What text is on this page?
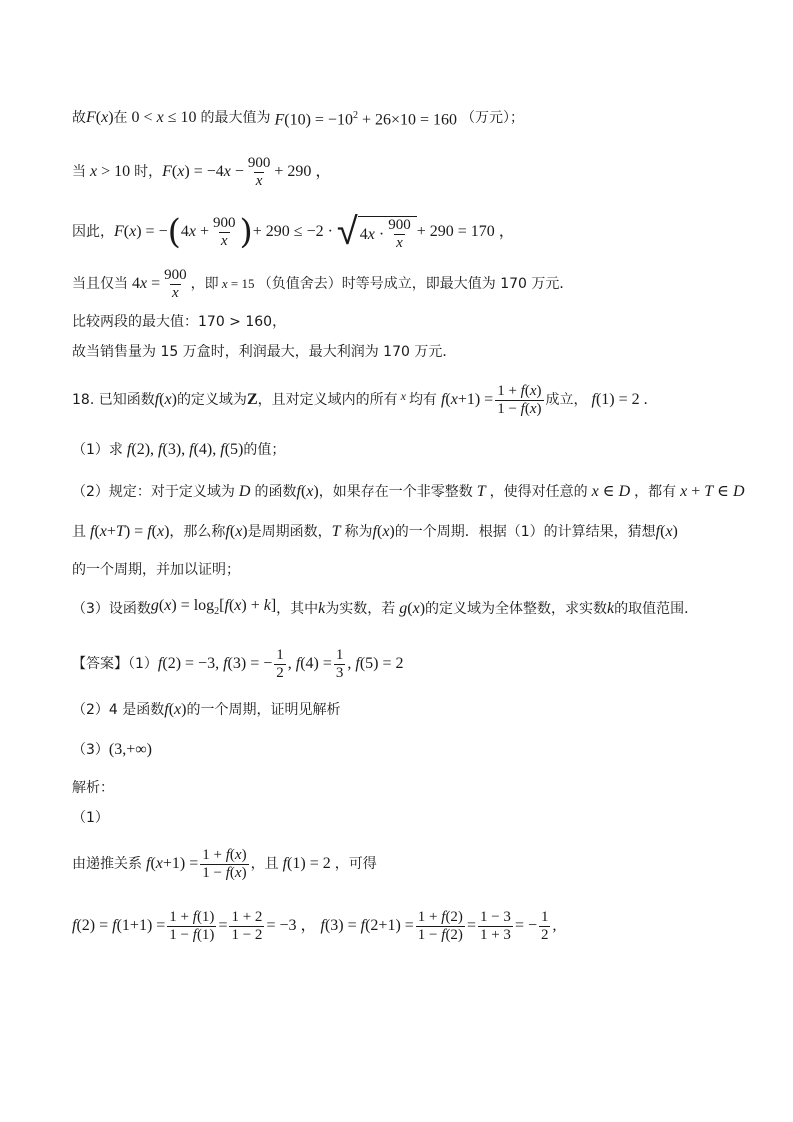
故 F(x) 在 0 < x ≤ 10 的最大值为 $F(10) = -10^2 + 26\times 10 = 160$ （万元）；
当 x > 10 时， $F(x) = -4x - \frac{900}{x} + 290$ ，
因此， F(x) = − ( $4x + \frac{900}{x}$ ) + 290 ≤ −2 · √ $4x \cdot \frac{900}{x} + 290 = 170$ ，
当且仅当 $4x = \frac{900}{x}$ ，即 x = 15 （负值舍去）时等号成立，即最大值为 170 万元．
比较两段的最大值：170 > 160，
故当销售量为 15 万盒时，利润最大，最大利润为 170 万元．
18. 已知函数 f(x) 的定义域为 Z ，且对定义域内的所有 x 均有 $f(x+1) = \frac{1 + f(x)}{1 - f(x)}$ 成立， f(1) = 2 .
（1）求 f(2), f(3), f(4), f(5) 的值；
（2）规定：对于定义域为 D 的函数 f(x) ，如果存在一个非零整数 T ，使得对任意的 x ∈ D ，都有 x + T ∈ D
且 f(x+T) = f(x) ，那么称 f(x) 是周期函数， T 称为 f(x) 的一个周期．根据（1）的计算结果，猜想 f(x)
的一个周期，并加以证明；
（3）设函数 $g(x) = \log_2[f(x) + k]$ ，其中 k 为实数，若 g(x) 的定义域为全体整数，求实数 k 的取值范围．
【答案】（1） f(2) = −3, f(3) = − $\frac{1}{2}$ , $f(4) = \frac{1}{3}$ , f(5) = 2
（2）4 是函数 f(x) 的一个周期，证明见解析
（3） (3,+∞)
解析：
（1）
由递推关系 $f(x+1) = \frac{1 + f(x)}{1 - f(x)}$ ，且 f(1) = 2 ，可得
$f(2) = f(1+1) = \frac{1 + f(1)}{1 - f(1)} = \frac{1 + 2}{1 - 2} = -3$ ， $f(3) = f(2+1) = \frac{1 + f(2)}{1 - f(2)} = \frac{1 - 3}{1 + 3}$ = − $\frac{1}{2}$ ,
